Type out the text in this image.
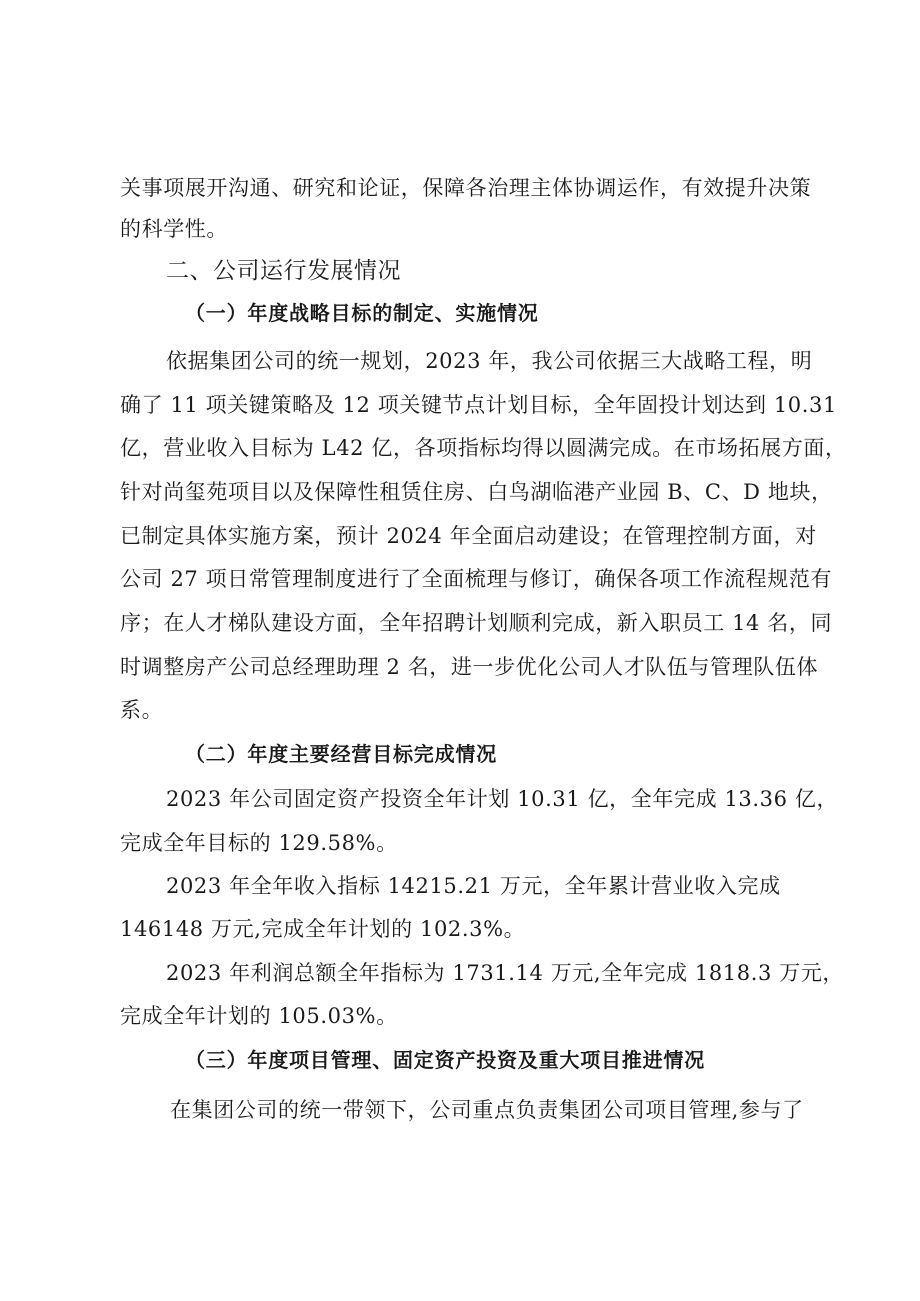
关事项展开沟通、研究和论证，保障各治理主体协调运作，有效提升决策
的科学性。
二、公司运行发展情况
（一）年度战略目标的制定、实施情况
依据集团公司的统一规划，2023 年，我公司依据三大战略工程，明
确了 11 项关键策略及 12 项关键节点计划目标，全年固投计划达到 10.31
亿，营业收入目标为 L42 亿，各项指标均得以圆满完成。在市场拓展方面，
针对尚玺苑项目以及保障性租赁住房、白鸟湖临港产业园 B、C、D 地块，
已制定具体实施方案，预计 2024 年全面启动建设；在管理控制方面，对
公司 27 项日常管理制度进行了全面梳理与修订，确保各项工作流程规范有
序；在人才梯队建设方面，全年招聘计划顺利完成，新入职员工 14 名，同
时调整房产公司总经理助理 2 名，进一步优化公司人才队伍与管理队伍体
系。
（二）年度主要经营目标完成情况
2023 年公司固定资产投资全年计划 10.31 亿，全年完成 13.36 亿，
完成全年目标的 129.58%。
2023 年全年收入指标 14215.21 万元，全年累计营业收入完成
146148 万元,完成全年计划的 102.3%。
2023 年利润总额全年指标为 1731.14 万元,全年完成 1818.3 万元，
完成全年计划的 105.03%。
（三）年度项目管理、固定资产投资及重大项目推进情况
在集团公司的统一带领下，公司重点负责集团公司项目管理,参与了
